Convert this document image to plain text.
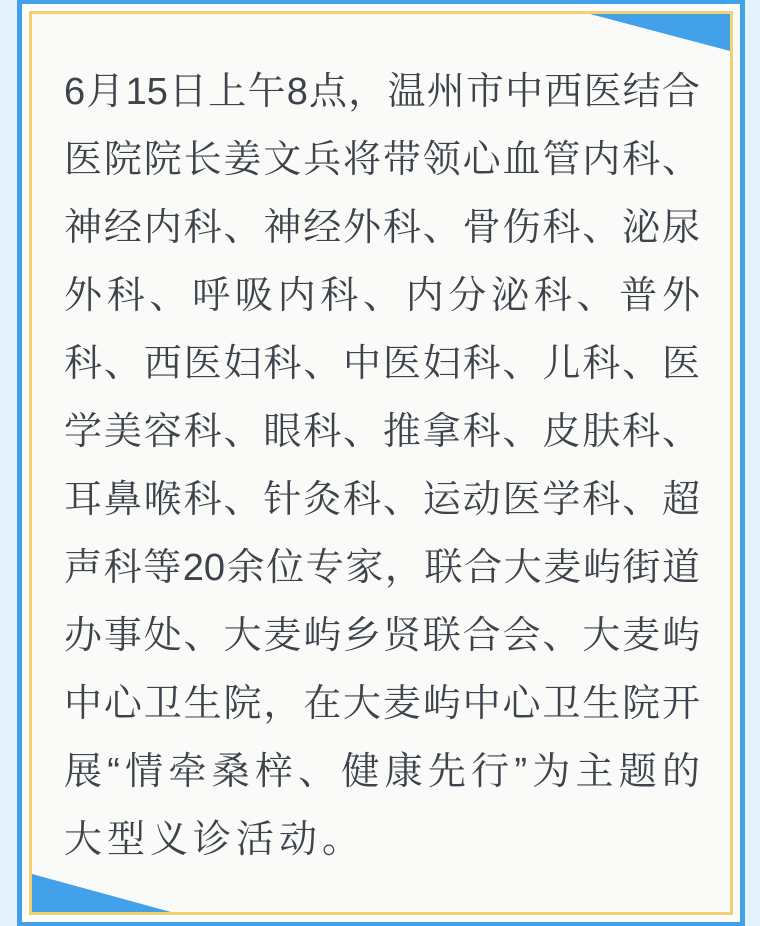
6月15日上午8点，温州市中西医结合
医院院长姜文兵将带领心血管内科、
神经内科、神经外科、骨伤科、泌尿
外科、呼吸内科、内分泌科、普外
科、西医妇科、中医妇科、儿科、医
学美容科、眼科、推拿科、皮肤科、
耳鼻喉科、针灸科、运动医学科、超
声科等20余位专家，联合大麦屿街道
办事处、大麦屿乡贤联合会、大麦屿
中心卫生院，在大麦屿中心卫生院开
展“情牵桑梓、健康先行”为主题的
大型义诊活动。
